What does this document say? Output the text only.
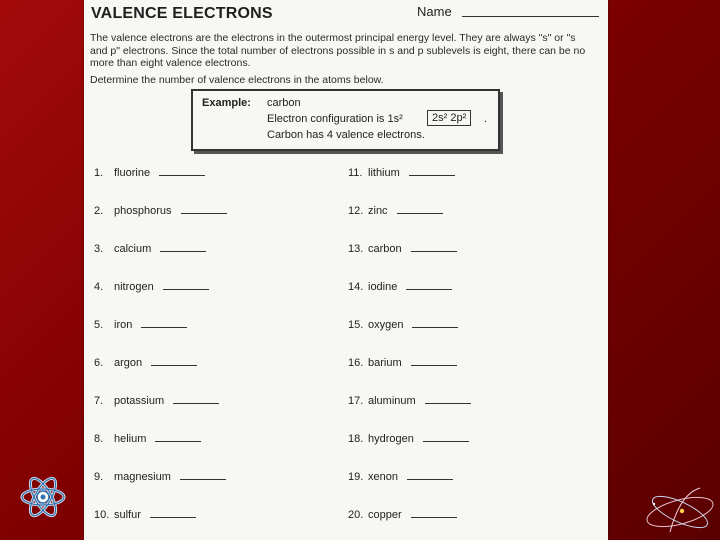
VALENCE ELECTRONS	Name

The valence electrons are the electrons in the outermost principal energy level. They are always "s" or "s and p" electrons. Since the total number of electrons possible in s and p sublevels is eight, there can be no more than eight valence electrons.

Determine the number of valence electrons in the atoms below.

Example: carbon
Electron configuration is 1s²	2s² 2p²	.
Carbon has 4 valence electrons.
1. fluorine
2. phosphorus
3. calcium
4. nitrogen
5. iron
6. argon
7. potassium
8. helium
9. magnesium
10. sulfur
11. lithium
12. zinc
13. carbon
14. iodine
15. oxygen
16. barium
17. aluminum
18. hydrogen
19. xenon
20. copper
